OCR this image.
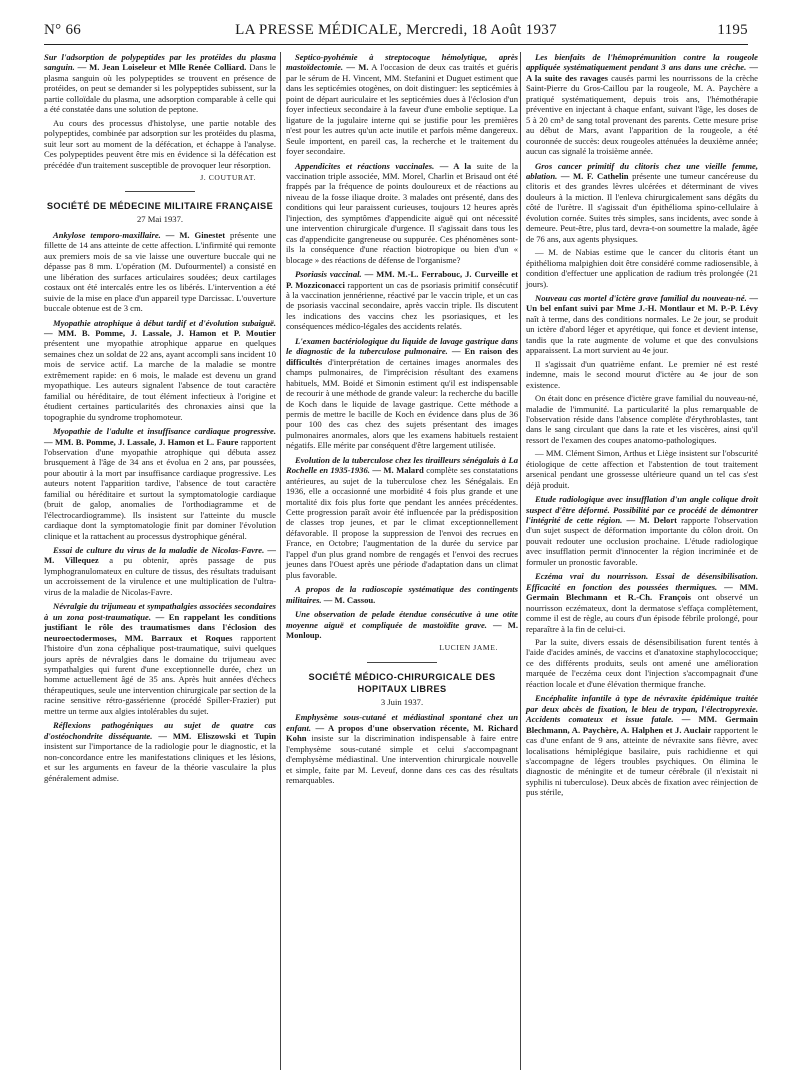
N° 66	LA PRESSE MÉDICALE, Mercredi, 18 Août 1937	1195

Sur l'adsorption de polypeptides par les protéides du plasma sanguin. — M. Jean Loiseleur et Mlle Renée Colliard. Dans le plasma sanguin où les polypeptides se trouvent en présence de protéides, on peut se demander si les polypeptides subissent, sur la partie colloïdale du plasma, une adsorption comparable à celle qui a été constatée dans une solution de peptone.

Au cours des processus d'histolyse, une partie notable des polypeptides, combinée par adsorption sur les protéides du plasma, suit leur sort au moment de la défécation, et échappe à l'analyse. Ces polypeptides peuvent être mis en évidence si la défécation est précédée d'un traitement susceptible de provoquer leur résorption.

J. COUTURAT.
SOCIÉTÉ DE MÉDECINE MILITAIRE FRANÇAISE
27 Mai 1937.

Ankylose temporo-maxillaire. — M. Ginestet présente une fillette de 14 ans atteinte de cette affection. L'infirmité qui remonte aux premiers mois de sa vie laisse une ouverture buccale qui ne dépasse pas 8 mm. L'opération (M. Dufourmentel) a consisté en une libération des surfaces articulaires soudées; deux cartilages costaux ont été intercalés entre les os libérés. L'intervention a été suivie de la mise en place d'un appareil type Darcissac. L'ouverture buccale obtenue est de 3 cm.

Myopathie atrophique à début tardif et d'évolution subaiguë. — MM. B. Pomme, J. Lassale, J. Hamon et P. Moutier présentent une myopathie atrophique apparue en quelques semaines chez un soldat de 22 ans, ayant accompli sans incident 10 mois de service actif. La marche de la maladie se montre extrêmement rapide: en 6 mois, le malade est devenu un grand myopathique. Les auteurs signalent l'absence de tout caractère familial ou héréditaire, de tout élément infectieux à l'origine et étudient certaines particularités des chronaxies ainsi que la topographie du syndrome trophomoteur.

Myopathie de l'adulte et insuffisance cardiaque progressive. — MM. B. Pomme, J. Lassale, J. Hamon et L. Faure rapportent l'observation d'une myopathie atrophique qui débuta assez brusquement à l'âge de 34 ans et évolua en 2 ans, par poussées, pour aboutir à la mort par insuffisance cardiaque progressive. Les auteurs notent l'apparition tardive, l'absence de tout caractère familial ou héréditaire et surtout la symptomatologie cardiaque (bruit de galop, anomalies de l'orthodiagramme et de l'électrocardiogramme). Ils insistent sur l'atteinte du muscle cardiaque dont la symptomatologie finit par dominer l'évolution clinique et la rattachent au processus dystrophique général.

Essai de culture du virus de la maladie de Nicolas-Favre. — M. Villequez a pu obtenir, après passage de pus lymphogranulomateux en culture de tissus, des résultats traduisant un accroissement de la virulence et une multiplication de l'ultra-virus de la maladie de Nicolas-Favre.

Névralgie du trijumeau et sympathalgies associées secondaires à un zona post-traumatique. — En rappelant les conditions justifiant le rôle des traumatismes dans l'éclosion des neuroectodermoses, MM. Barraux et Roques rapportent l'histoire d'un zona céphalique post-traumatique, suivi quelques jours après de névralgies dans le domaine du trijumeau avec sympathalgies qui furent d'une exceptionnelle durée, chez un homme actuellement âgé de 35 ans. Après huit années d'échecs thérapeutiques, seule une intervention chirurgicale par section de la racine sensitive rétro-gassérienne (procédé Spiller-Frazier) put mettre un terme aux algies intolérables du sujet.

Réflexions pathogéniques au sujet de quatre cas d'ostéochondrite disséquante. — MM. Eliszowski et Tupin insistent sur l'importance de la radiologie pour le diagnostic, et la non-concordance entre les manifestations cliniques et les lésions, et sur les arguments en faveur de la théorie vasculaire la plus généralement admise.

Septico-pyohémie à streptocoque hémolytique, après mastoïdectomie. — M. A l'occasion de deux cas traités et guéris par le sérum de H. Vincent, MM. Stefanini et Duguet estiment que dans les septicémies otogènes, on doit distinguer: les septicémies à point de départ auriculaire et les septicémies dues à l'éclosion d'un foyer infectieux secondaire à la faveur d'une embolie septique. La ligature de la jugulaire interne qui se justifie pour les premières n'est pour les autres qu'un acte inutile et parfois même dangereux. Seule importent, en pareil cas, la recherche et le traitement du foyer secondaire.

Appendicites et réactions vaccinales. — A la suite de la vaccination triple associée, MM. Morel, Charlin et Brisaud ont été frappés par la fréquence de points douloureux et de réactions au niveau de la fosse iliaque droite. 3 malades ont présenté, dans des conditions qui leur paraissent curieuses, toujours 12 heures après l'injection, des symptômes d'appendicite aiguë qui ont nécessité une intervention chirurgicale d'urgence. Il s'agissait dans tous les cas d'appendicite gangreneuse ou suppurée. Ces phénomènes sont-ils la conséquence d'une réaction biotropique ou bien d'un « blocage » des réactions de défense de l'organisme?

Psoriasis vaccinal. — MM. M.-L. Ferrabouc, J. Curveille et P. Mozziconacci rapportent un cas de psoriasis primitif consécutif à la vaccination jennérienne, réactivé par le vaccin triple, et un cas de psoriasis vaccinal secondaire, après vaccin triple. Ils discutent les indications des vaccins chez les psoriasiques, et les conséquences médico-légales des accidents relatés.

L'examen bactériologique du liquide de lavage gastrique dans le diagnostic de la tuberculose pulmonaire. — En raison des difficultés d'interprétation de certaines images anormales des champs pulmonaires, de l'imprécision résultant des examens habituels, MM. Boidé et Simonin estiment qu'il est indispensable de recourir à une méthode de grande valeur: la recherche du bacille de Koch dans le liquide de lavage gastrique. Cette méthode a permis de mettre le bacille de Koch en évidence dans plus de 36 pour 100 des cas chez des sujets présentant des images pulmonaires anormales, alors que les examens habituels restaient négatifs. Elle mérite par conséquent d'être largement utilisée.

Evolution de la tuberculose chez les tirailleurs sénégalais à La Rochelle en 1935-1936. — M. Malard complète ses constatations antérieures, au sujet de la tuberculose chez les Sénégalais. En 1936, elle a occasionné une morbidité 4 fois plus grande et une mortalité dix fois plus forte que pendant les années précédentes. Cette progression paraît avoir été influencée par la prédisposition de classes trop jeunes, et par le climat exceptionnellement défavorable. Il propose la suppression de l'envoi des recrues en France, en Octobre; l'augmentation de la durée du service par l'appel d'un plus grand nombre de rengagés et l'envoi des recrues jeunes dans l'Ouest après une période d'adaptation dans un climat plus favorable.

A propos de la radioscopie systématique des contingents militaires. — M. Cassou.

Une observation de pelade étendue consécutive à une otite moyenne aiguë et compliquée de mastoïdite grave. — M. Monloup.

LUCIEN JAME.
SOCIÉTÉ MÉDICO-CHIRURGICALE DES HOPITAUX LIBRES
3 Juin 1937.

Emphysème sous-cutané et médiastinal spontané chez un enfant. — A propos d'une observation récente, M. Richard Kohn insiste sur la discrimination indispensable à faire entre l'emphysème sous-cutané simple et celui s'accompagnant d'emphysème médiastinal. Une intervention chirurgicale nouvelle et simple, faite par M. Leveuf, donne dans ces cas des résultats remarquables.

Les bienfaits de l'hémoprémunition contre la rougeole appliquée systématiquement pendant 3 ans dans une crèche. — A la suite des ravages causés parmi les nourrissons de la crèche Saint-Pierre du Gros-Caillou par la rougeole, M. A. Paychère a pratiqué systématiquement, depuis trois ans, l'hémothérapie préventive en injectant à chaque enfant, suivant l'âge, les doses de 5 à 20 cm³ de sang total provenant des parents. Cette mesure prise au début de Mars, avant l'apparition de la rougeole, a été couronnée de succès: deux rougeoles atténuées la deuxième année; aucun cas signalé la troisième année.

Gros cancer primitif du clitoris chez une vieille femme, ablation. — M. F. Cathelin présente une tumeur cancéreuse du clitoris et des grandes lèvres ulcérées et déterminant de vives douleurs à la miction. Il l'enleva chirurgicalement sans dégâts du côté de l'urètre. Il s'agissait d'un épithélioma spino-cellulaire à évolution cornée. Suites très simples, sans incidents, avec sonde à demeure. Peut-être, plus tard, devra-t-on soumettre la malade, âgée de 76 ans, aux agents physiques.

— M. de Nabias estime que le cancer du clitoris étant un épithélioma malpighien doit être considéré comme radiosensible, à condition d'effectuer une application de radium très prolongée (21 jours).

Nouveau cas mortel d'ictère grave familial du nouveau-né. — Un bel enfant suivi par Mme J.-H. Montlaur et M. P.-P. Lévy naît à terme, dans des conditions normales. Le 2e jour, se produit un ictère d'abord léger et apyrétique, qui fonce et devient intense, tandis que la rate augmente de volume et que des convulsions apparaissent. La mort survient au 4e jour.

Il s'agissait d'un quatrième enfant. Le premier né est resté indemne, mais le second mourut d'ictère au 4e jour de son existence.

On était donc en présence d'ictère grave familial du nouveau-né, maladie de l'immunité. La particularité la plus remarquable de l'observation réside dans l'absence complète d'érythroblastes, tant dans le sang circulant que dans la rate et les viscères, ainsi qu'il ressort de l'examen des coupes anatomo-pathologiques.

— MM. Clément Simon, Arthus et Liège insistent sur l'obscurité étiologique de cette affection et l'abstention de tout traitement arsenical pendant une grossesse ultérieure quand un tel cas s'est déjà produit.

Etude radiologique avec insufflation d'un angle colique droit suspect d'être déformé. Possibilité par ce procédé de démontrer l'intégrité de cette région. — M. Delort rapporte l'observation d'un sujet suspect de déformation importante du côlon droit. On pouvait redouter une occlusion prochaine. L'étude radiologique avec insufflation permit d'innocenter la région incriminée et de formuler un pronostic favorable.

Eczéma vrai du nourrisson. Essai de désensibilisation. Efficacité en fonction des poussées thermiques. — MM. Germain Blechmann et R.-Ch. François ont observé un nourrisson eczémateux, dont la dermatose s'effaça complètement, comme il est de règle, au cours d'un épisode fébrile prolongé, pour reparaître à la fin de celui-ci.

Par la suite, divers essais de désensibilisation furent tentés à l'aide d'acides aminés, de vaccins et d'anatoxine staphylococcique; ce des différents produits, seuls ont amené une amélioration marquée de l'eczéma ceux dont l'injection s'accompagnait d'une réaction locale et d'une élévation thermique franche.

Encéphalite infantile à type de névraxite épidémique traitée par deux abcès de fixation, le bleu de trypan, l'électropyrexie. Accidents comateux et issue fatale. — MM. Germain Blechmann, A. Paychère, A. Halphen et J. Auclair rapportent le cas d'une enfant de 9 ans, atteinte de névraxite sans fièvre, avec localisations hémiplégique basilaire, puis rachidienne et qui s'accompagne de légers troubles psychiques. On élimina le diagnostic de méningite et de tumeur cérébrale (il n'existait ni syphilis ni tuberculose). Deux abcès de fixation avec réinjection de pus stérile,
